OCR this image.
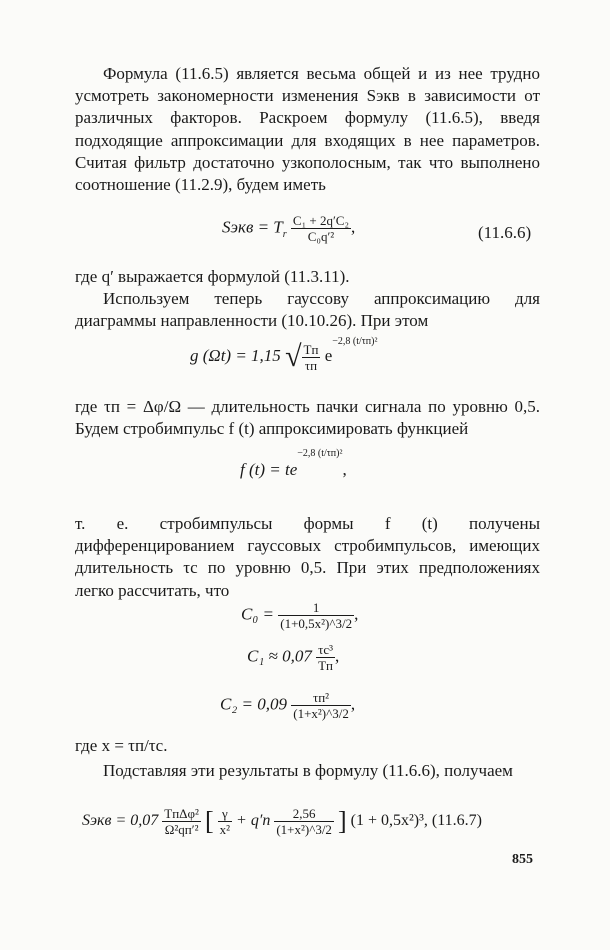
Формула (11.6.5) является весьма общей и из нее трудно усмотреть закономерности изменения Sэкв в зависимости от различных факторов. Раскроем формулу (11.6.5), введя подходящие аппроксимации для входящих в нее параметров. Считая фильтр достаточно узкополосным, так что выполнено соотношение (11.2.9), будем иметь

Sэкв = $T_r \frac{\text{C₁ + 2q′C₂}}{\text{C₀q′²}}$ ,	(11.6.6)

где q′ выражается формулой (11.3.11).

Используем теперь гауссову аппроксимацию для диаграммы направленности (10.10.26). При этом

g (Ωt) = 1,15 √ $\frac{Tп}{\tau п} e^{-2,8 (t/\tau п)^2}$

где τп = Δφ/Ω — длительность пачки сигнала по уровню 0,5. Будем стробимпульс f (t) аппроксимировать функцией

f $(t) = te^{-2,8 (t/\tau п)^2}$,

т. е. стробимпульсы формы f (t) получены дифференцированием гауссовых стробимпульсов, имеющих длительность τc по уровню 0,5. При этих предположениях легко рассчитать, что

$C_0 = \frac{1}{\text{(1+0,5x²)\textasciicircum{}3/2}}$ ,
$C_1 \approx 0,07 \frac{\text{τc³}}{Tп}$ ,
$C_2 = 0,09 \frac{\text{τп²}}{\text{(1+x²)\textasciicircum{}3/2}}$ ,

где x = τп/τс.

Подставляя эти результаты в формулу (11.6.6), получаем

Sэкв = $0,07 \frac{\text{TпΔφ²}}{\text{Ω²qп′²}}$ [ $\frac{\gamma}{\text{x²}} + q'п \frac{2,56}{\text{(1+x²)\textasciicircum{}3/2}}$ ] (1 + 0,5x²)³, (11.6.7)
855
